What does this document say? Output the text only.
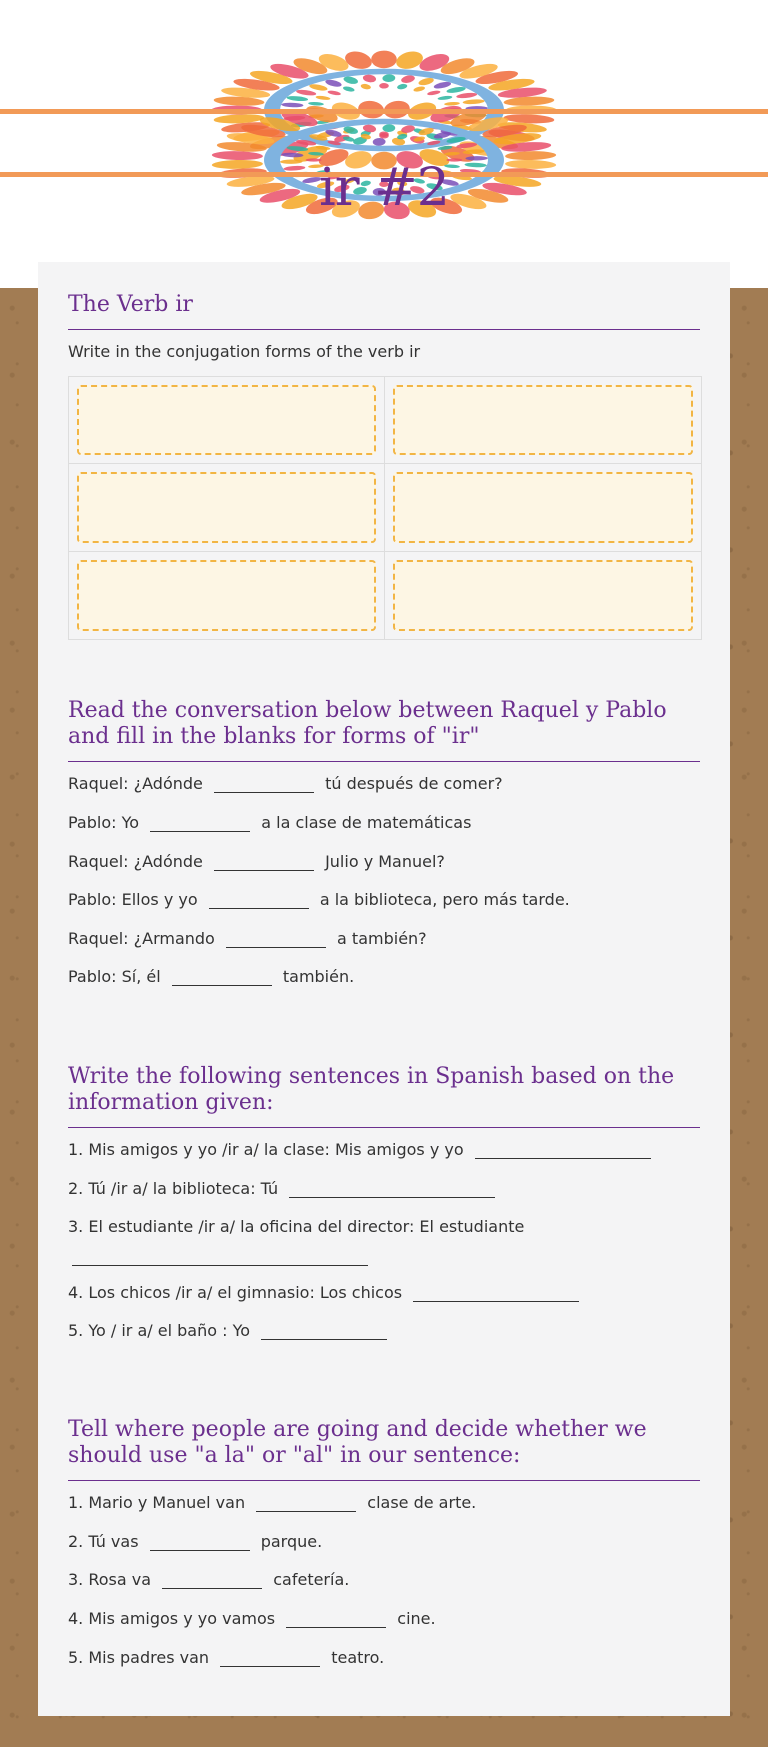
ir #2
The Verb ir
Write in the conjugation forms of the verb ir
Read the conversation below between Raquel y Pablo and fill in the blanks for forms of "ir"
Raquel: ¿Adónde	tú después de comer?
Pablo: Yo	a la clase de matemáticas
Raquel: ¿Adónde	Julio y Manuel?
Pablo: Ellos y yo	a la biblioteca, pero más tarde.
Raquel: ¿Armando	a también?
Pablo: Sí, él	también.
Write the following sentences in Spanish based on the information given:
1. Mis amigos y yo /ir a/ la clase: Mis amigos y yo
2. Tú /ir a/ la biblioteca: Tú
3. El estudiante /ir a/ la oficina del director: El estudiante
4. Los chicos /ir a/ el gimnasio: Los chicos
5. Yo / ir a/ el baño : Yo
Tell where people are going and decide whether we should use "a la" or "al" in our sentence:
1. Mario y Manuel van	clase de arte.
2. Tú vas	parque.
3. Rosa va	cafetería.
4. Mis amigos y yo vamos	cine.
5. Mis padres van	teatro.
